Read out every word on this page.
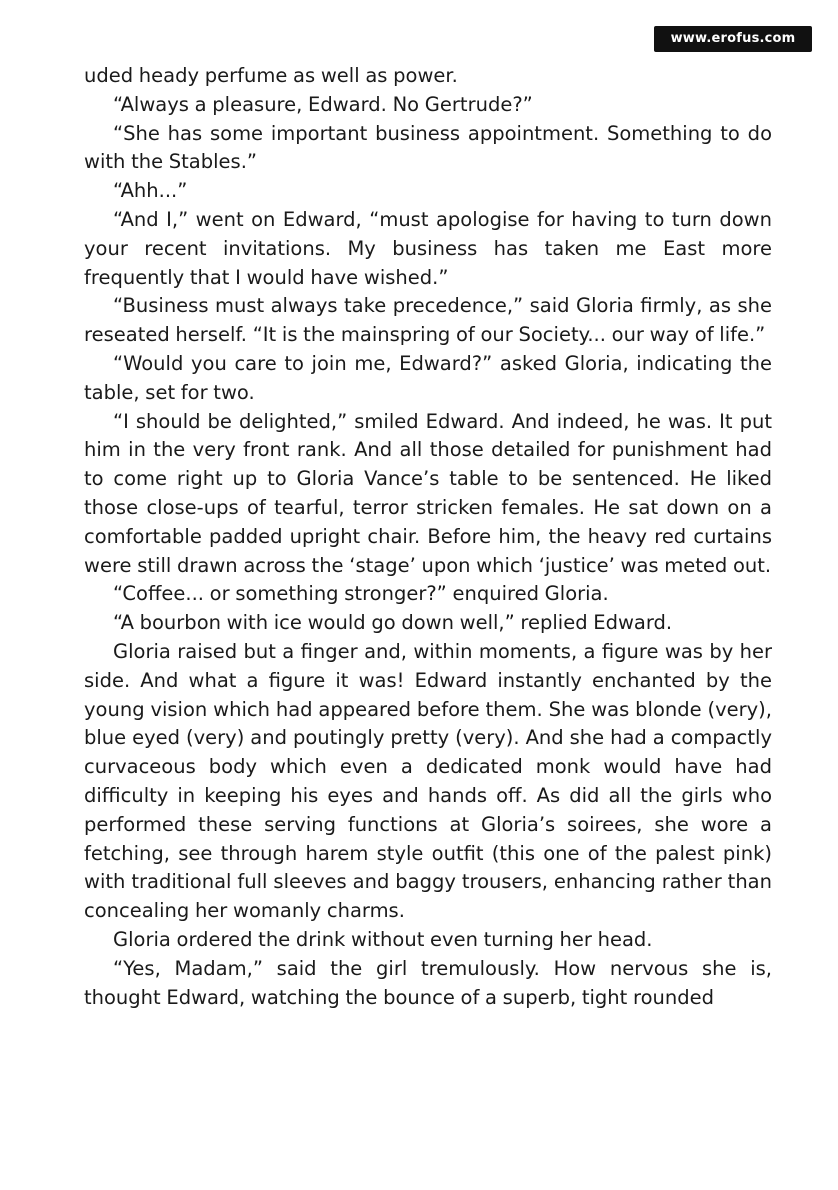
www.erofus.com

uded heady perfume as well as power.

“Always a pleasure, Edward. No Gertrude?”

“She has some important business appointment. Something to do with the Stables.”

“Ahh...”

“And I,” went on Edward, “must apologise for having to turn down your recent invitations. My business has taken me East more frequently that I would have wished.”

“Business must always take precedence,” said Gloria firmly, as she reseated herself. “It is the mainspring of our Society... our way of life.”

“Would you care to join me, Edward?” asked Gloria, indicating the table, set for two.

“I should be delighted,” smiled Edward. And indeed, he was. It put him in the very front rank. And all those detailed for punishment had to come right up to Gloria Vance’s table to be sentenced. He liked those close-ups of tearful, terror stricken females. He sat down on a comfortable padded upright chair. Before him, the heavy red curtains were still drawn across the ‘stage’ upon which ‘justice’ was meted out.

“Coffee... or something stronger?” enquired Gloria.

“A bourbon with ice would go down well,” replied Edward.

Gloria raised but a finger and, within moments, a figure was by her side. And what a figure it was! Edward instantly enchanted by the young vision which had appeared before them. She was blonde (very), blue eyed (very) and poutingly pretty (very). And she had a compactly curvaceous body which even a dedicated monk would have had difficulty in keeping his eyes and hands off. As did all the girls who performed these serving functions at Gloria’s soirees, she wore a fetching, see through harem style outfit (this one of the palest pink) with traditional full sleeves and baggy trousers, enhancing rather than concealing her womanly charms.

Gloria ordered the drink without even turning her head.

“Yes, Madam,” said the girl tremulously. How nervous she is, thought Edward, watching the bounce of a superb, tight rounded
